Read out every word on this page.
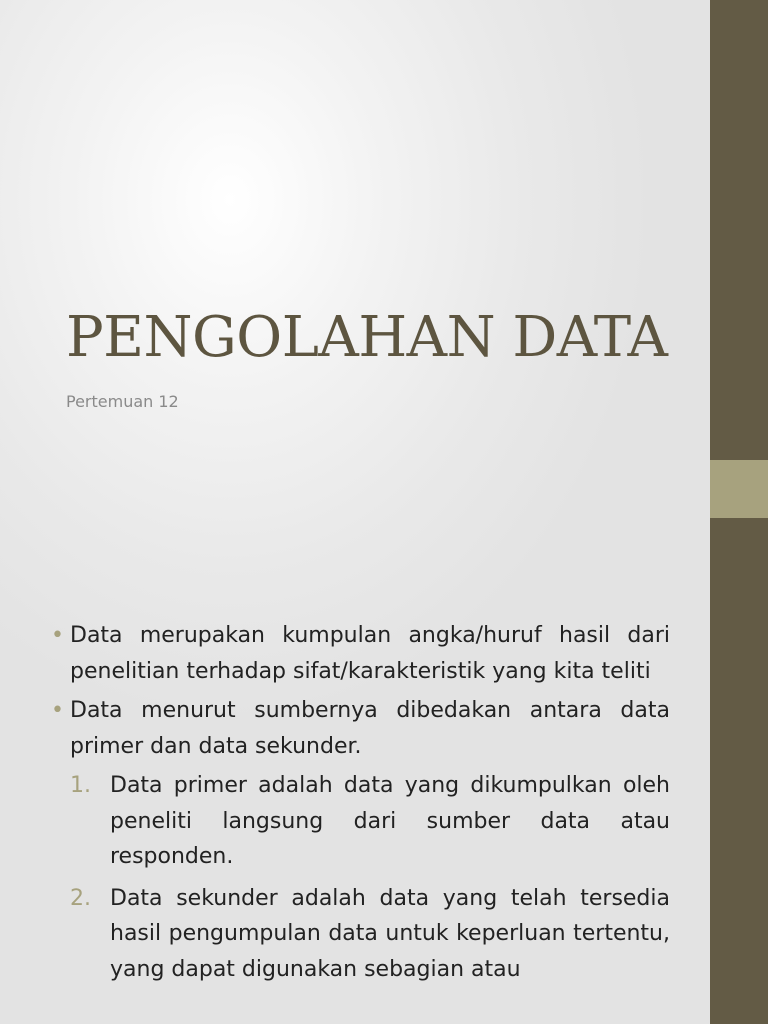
PENGOLAHAN DATA

Pertemuan 12

• Data merupakan kumpulan angka/huruf hasil dari penelitian terhadap sifat/karakteristik yang kita teliti

• Data menurut sumbernya dibedakan antara data primer dan data sekunder.

1. Data primer adalah data yang dikumpulkan oleh peneliti langsung dari sumber data atau responden.

2. Data sekunder adalah data yang telah tersedia hasil pengumpulan data untuk keperluan tertentu, yang dapat digunakan sebagian atau
